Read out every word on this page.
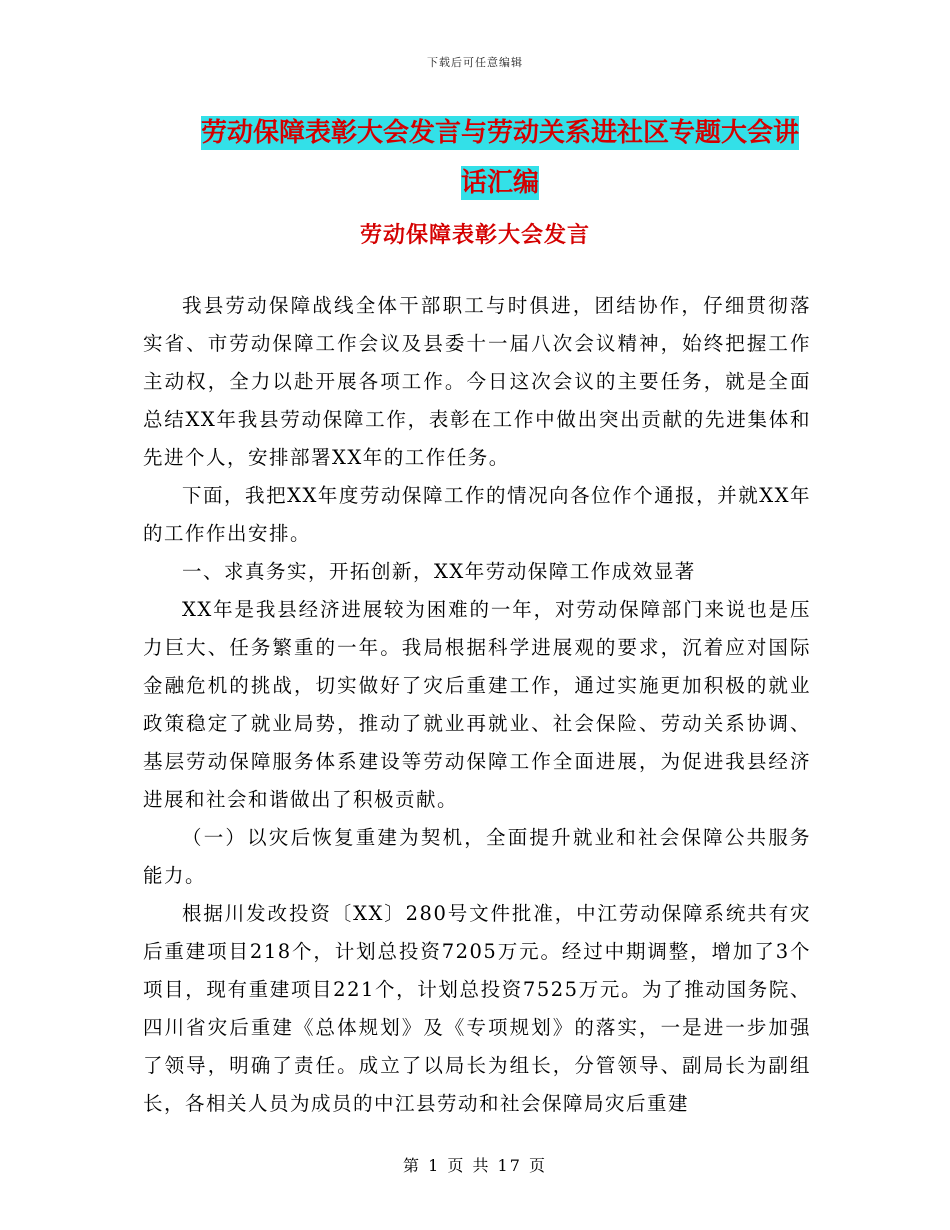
下载后可任意编辑
劳动保障表彰大会发言与劳动关系进社区专题大会讲
话汇编
劳动保障表彰大会发言

我县劳动保障战线全体干部职工与时俱进，团结协作，仔细贯彻落实省、市劳动保障工作会议及县委十一届八次会议精神，始终把握工作主动权，全力以赴开展各项工作。今日这次会议的主要任务，就是全面总结XX年我县劳动保障工作，表彰在工作中做出突出贡献的先进集体和先进个人，安排部署XX年的工作任务。

下面，我把XX年度劳动保障工作的情况向各位作个通报，并就XX年的工作作出安排。

一、求真务实，开拓创新，XX年劳动保障工作成效显著

XX年是我县经济进展较为困难的一年，对劳动保障部门来说也是压力巨大、任务繁重的一年。我局根据科学进展观的要求，沉着应对国际金融危机的挑战，切实做好了灾后重建工作，通过实施更加积极的就业政策稳定了就业局势，推动了就业再就业、社会保险、劳动关系协调、基层劳动保障服务体系建设等劳动保障工作全面进展，为促进我县经济进展和社会和谐做出了积极贡献。

（一）以灾后恢复重建为契机，全面提升就业和社会保障公共服务能力。

根据川发改投资〔XX〕280号文件批准，中江劳动保障系统共有灾后重建项目218个，计划总投资7205万元。经过中期调整，增加了3个项目，现有重建项目221个，计划总投资7525万元。为了推动国务院、四川省灾后重建《总体规划》及《专项规划》的落实，一是进一步加强了领导，明确了责任。成立了以局长为组长，分管领导、副局长为副组长，各相关人员为成员的中江县劳动和社会保障局灾后重建

第 1 页 共 17 页
